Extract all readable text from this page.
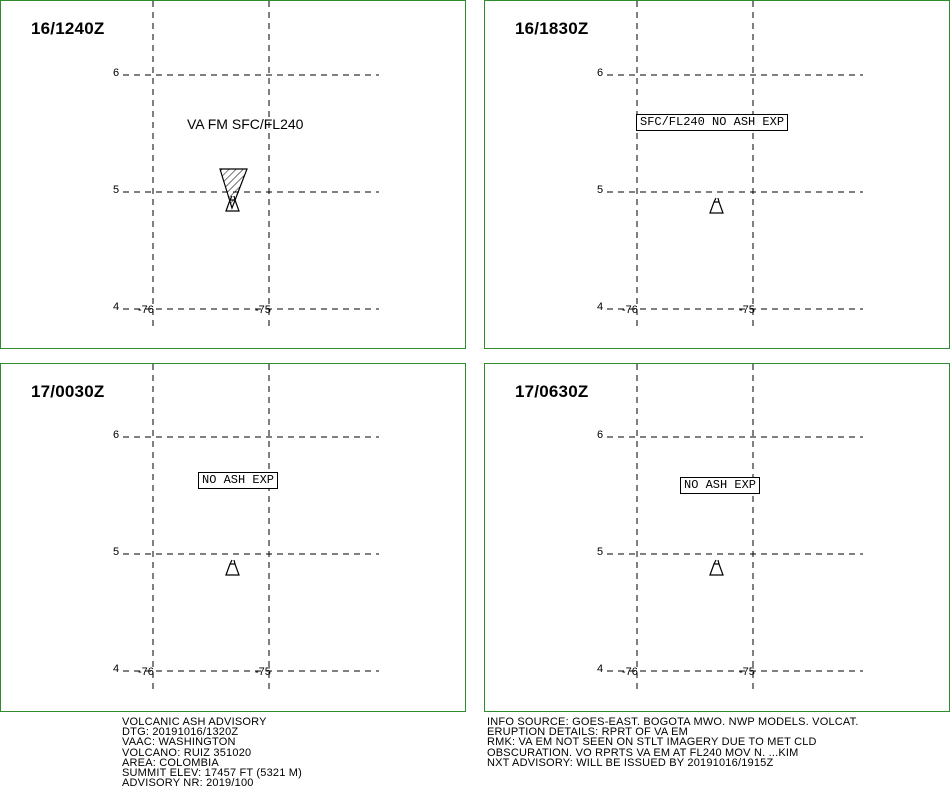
16/1240Z
6
5
4 -76	-75
VA FM SFC/FL240
16/1830Z
6
5
4 -76	-75
SFC/FL240 NO ASH EXP
17/0030Z
6
5
4 -76	-75
NO ASH EXP
17/0630Z
6
5
4 -76	-75
NO ASH EXP
VOLCANIC ASH ADVISORY
DTG: 20191016/1320Z
VAAC: WASHINGTON
VOLCANO: RUIZ 351020
AREA: COLOMBIA
SUMMIT ELEV: 17457 FT (5321 M)
ADVISORY NR: 2019/100
INFO SOURCE: GOES-EAST. BOGOTA MWO. NWP MODELS. VOLCAT.
ERUPTION DETAILS: RPRT OF VA EM
RMK: VA EM NOT SEEN ON STLT IMAGERY DUE TO MET CLD
OBSCURATION. VO RPRTS VA EM AT FL240 MOV N. ...KIM
NXT ADVISORY: WILL BE ISSUED BY 20191016/1915Z
